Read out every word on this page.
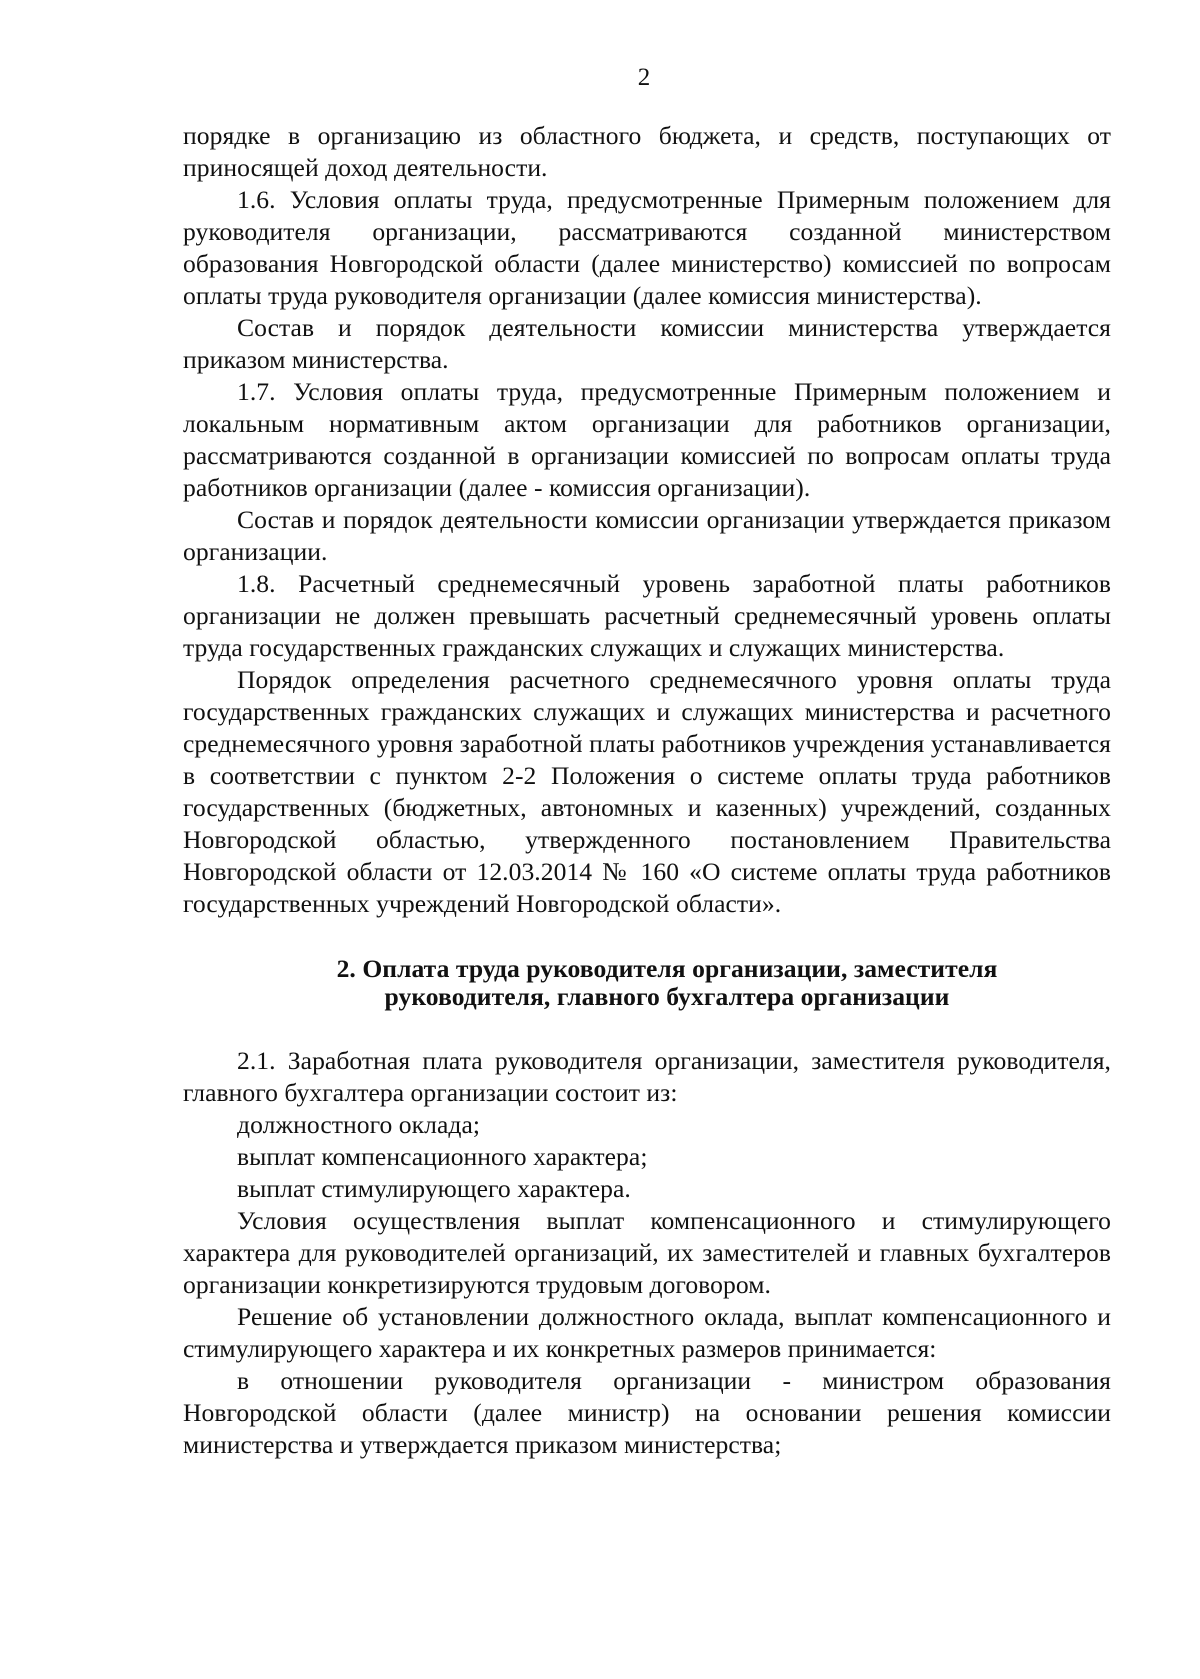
2

порядке в организацию из областного бюджета, и средств, поступающих от приносящей доход деятельности.

1.6. Условия оплаты труда, предусмотренные Примерным положением для руководителя организации, рассматриваются созданной министерством образования Новгородской области (далее министерство) комиссией по вопросам оплаты труда руководителя организации (далее комиссия министерства).

Состав и порядок деятельности комиссии министерства утверждается приказом министерства.

1.7. Условия оплаты труда, предусмотренные Примерным положением и локальным нормативным актом организации для работников организации, рассматриваются созданной в организации комиссией по вопросам оплаты труда работников организации (далее - комиссия организации).

Состав и порядок деятельности комиссии организации утверждается приказом организации.

1.8. Расчетный среднемесячный уровень заработной платы работников организации не должен превышать расчетный среднемесячный уровень оплаты труда государственных гражданских служащих и служащих министерства.

Порядок определения расчетного среднемесячного уровня оплаты труда государственных гражданских служащих и служащих министерства и расчетного среднемесячного уровня заработной платы работников учреждения устанавливается в соответствии с пунктом 2-2 Положения о системе оплаты труда работников государственных (бюджетных, автономных и казенных) учреждений, созданных Новгородской областью, утвержденного постановлением Правительства Новгородской области от 12.03.2014 № 160 «О системе оплаты труда работников государственных учреждений Новгородской области».

2. Оплата труда руководителя организации, заместителя
руководителя, главного бухгалтера организации

2.1. Заработная плата руководителя организации, заместителя руководителя, главного бухгалтера организации состоит из:

должностного оклада;

выплат компенсационного характера;

выплат стимулирующего характера.

Условия осуществления выплат компенсационного и стимулирующего характера для руководителей организаций, их заместителей и главных бухгалтеров организации конкретизируются трудовым договором.

Решение об установлении должностного оклада, выплат компенсационного и стимулирующего характера и их конкретных размеров принимается:

в отношении руководителя организации - министром образования Новгородской области (далее министр) на основании решения комиссии министерства и утверждается приказом министерства;
